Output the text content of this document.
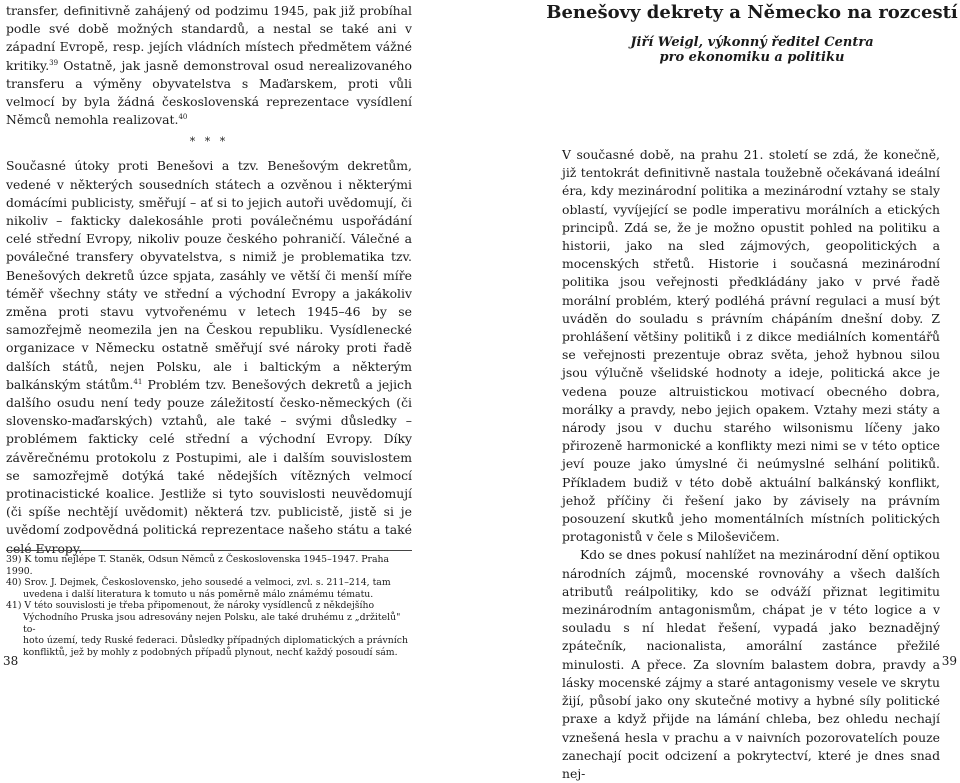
transfer, definitivně zahájený od podzimu 1945, pak již probíhal podle své době možných standardů, a nestal se také ani v západní Evropě, resp. jejích vládních místech předmětem vážné kritiky.$^{39}$ Ostatně, jak jasně demonstroval osud nerealizovaného transferu a výměny obyvatelstva s Maďarskem, proti vůli velmocí by byla žádná československá reprezentace vysídlení Němců nemohla realizovat.$^{40}$

* * *

Současné útoky proti Benešovi a tzv. Benešovým dekretům, vedené v některých sousedních státech a ozvěnou i některými domácími publicisty, směřují – ať si to jejich autoři uvědomují, či nikoliv – fakticky dalekosáhle proti poválečnému uspořádání celé střední Evropy, nikoliv pouze českého pohraničí. Válečné a poválečné transfery obyvatelstva, s nimiž je problematika tzv. Benešových dekretů úzce spjata, zasáhly ve větší či menší míře téměř všechny státy ve střední a východní Evropy a jakákoliv změna proti stavu vytvořenému v letech 1945–46 by se samozřejmě neomezila jen na Českou republiku. Vysídlenecké organizace v Německu ostatně směřují své nároky proti řadě dalších států, nejen Polsku, ale i baltickým a některým balkánským státům.$^{41}$ Problém tzv. Benešových dekretů a jejich dalšího osudu není tedy pouze záležitostí česko-německých (či slovensko-maďarských) vztahů, ale také – svými důsledky – problémem fakticky celé střední a východní Evropy. Díky závěrečnému protokolu z Postupimi, ale i dalším souvislostem se samozřejmě dotýká také nědejších vítězných velmocí protinacistické koalice. Jestliže si tyto souvislosti neuvědomují (či spíše nechtějí uvědomit) některá tzv. publicistě, jistě si je uvědomí zodpovědná politická reprezentace našeho státu a také celé Evropy.

39) K tomu nejlépe T. Staněk, Odsun Němců z Československa 1945–1947. Praha 1990.

40) Srov. J. Dejmek, Československo, jeho sousedé a velmoci, zvl. s. 211–214, tam

uvedena i další literatura k tomuto u nás poměrně málo známému tématu.

41) V této souvislosti je třeba připomenout, že nároky vysídlenců z někdejšího

Východního Pruska jsou adresovány nejen Polsku, ale také druhému z „držitelů" to-

hoto území, tedy Ruské federaci. Důsledky případných diplomatických a právních

konfliktů, jež by mohly z podobných případů plynout, nechť každý posoudí sám.

38
Benešovy dekrety a Německo na rozcestí
Jiří Weigl, výkonný ředitel Centra
pro ekonomiku a politiku

V současné době, na prahu 21. století se zdá, že konečně, již tentokrát definitivně nastala toužebně očekávaná ideální éra, kdy mezinárodní politika a mezinárodní vztahy se staly oblastí, vyvíjející se podle imperativu morálních a etických principů. Zdá se, že je možno opustit pohled na politiku a historii, jako na sled zájmových, geopolitických a mocenských střetů. Historie i současná mezinárodní politika jsou veřejnosti předkládány jako v prvé řadě morální problém, který podléhá právní regulaci a musí být uváděn do souladu s právním chápáním dnešní doby. Z prohlášení většiny politiků i z dikce mediálních komentářů se veřejnosti prezentuje obraz světa, jehož hybnou silou jsou výlučně všelidské hodnoty a ideje, politická akce je vedena pouze altruistickou motivací obecného dobra, morálky a pravdy, nebo jejich opakem. Vztahy mezi státy a národy jsou v duchu starého wilsonismu líčeny jako přirozeně harmonické a konflikty mezi nimi se v této optice jeví pouze jako úmyslné či neúmyslné selhání politiků. Příkladem budiž v této době aktuální balkánský konflikt, jehož příčiny či řešení jako by závisely na právním posouzení skutků jeho momentálních místních politických protagonistů v čele s Miloševičem.

Kdo se dnes pokusí nahlížet na mezinárodní dění optikou národních zájmů, mocenské rovnováhy a všech dalších atributů reálpolitiky, kdo se odváží přiznat legitimitu mezinárodním antagonismům, chápat je v této logice a v souladu s ní hledat řešení, vypadá jako beznadějný zpátečník, nacionalista, amorální zastánce přežilé minulosti. A přece. Za slovním balastem dobra, pravdy a lásky mocenské zájmy a staré antagonismy vesele ve skrytu žijí, působí jako ony skutečné motivy a hybné síly politické praxe a když přijde na lámání chleba, bez ohledu nechají vznešená hesla v prachu a v naivních pozorovatelích pouze zanechají pocit odcizení a pokrytectví, které je dnes snad nej-

39
